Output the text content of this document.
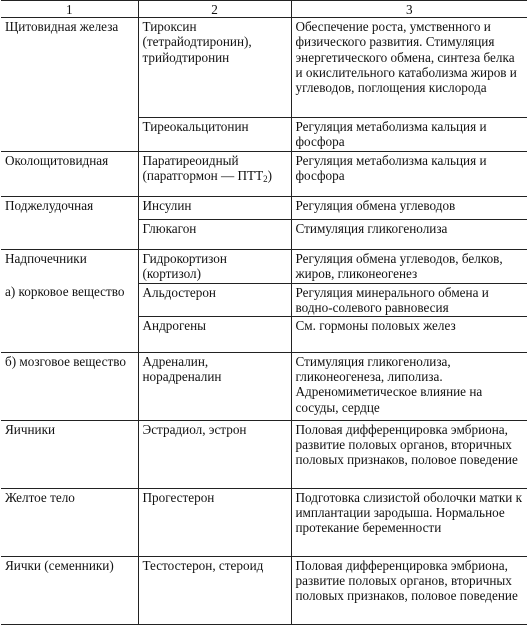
1	2	3
Щитовидная железа	Тироксин (тетрайодтиронин), трийодтиронин	Обеспечение роста, умственного и физического развития. Стимуляция энергетического обмена, синтеза белка и окислительного катаболизма жиров и углеводов, поглощения кислорода
	Тиреокальцитонин	Регуляция метаболизма кальция и фосфора
Околощитовидная	Паратиреоидный (паратгормон — $ПТТ_2$)	Регуляция метаболизма кальция и фосфора
Поджелудочная	Инсулин	Регуляция обмена углеводов
	Глюкагон	Стимуляция гликогенолиза
Надпочечники	Гидрокортизон (кортизол)	Регуляция обмена углеводов, белков, жиров, гликонеогенез
а) корковое вещество	Альдостерон	Регуляция минерального обмена и водно-солевого равновесия
	Андрогены	См. гормоны половых желез
б) мозговое вещество	Адреналин, норадреналин	Стимуляция гликогенолиза, гликонеогенеза, липолиза. Адреномиметическое влияние на сосуды, сердце
Яичники	Эстрадиол, эстрон	Половая дифференцировка эмбриона, развитие половых органов, вторичных половых признаков, половое поведение
Желтое тело	Прогестерон	Подготовка слизистой оболочки матки к имплантации зародыша. Нормальное протекание беременности
Яички (семенники)	Тестостерон, стероид	Половая дифференцировка эмбриона, развитие половых органов, вторичных половых признаков, половое поведение
